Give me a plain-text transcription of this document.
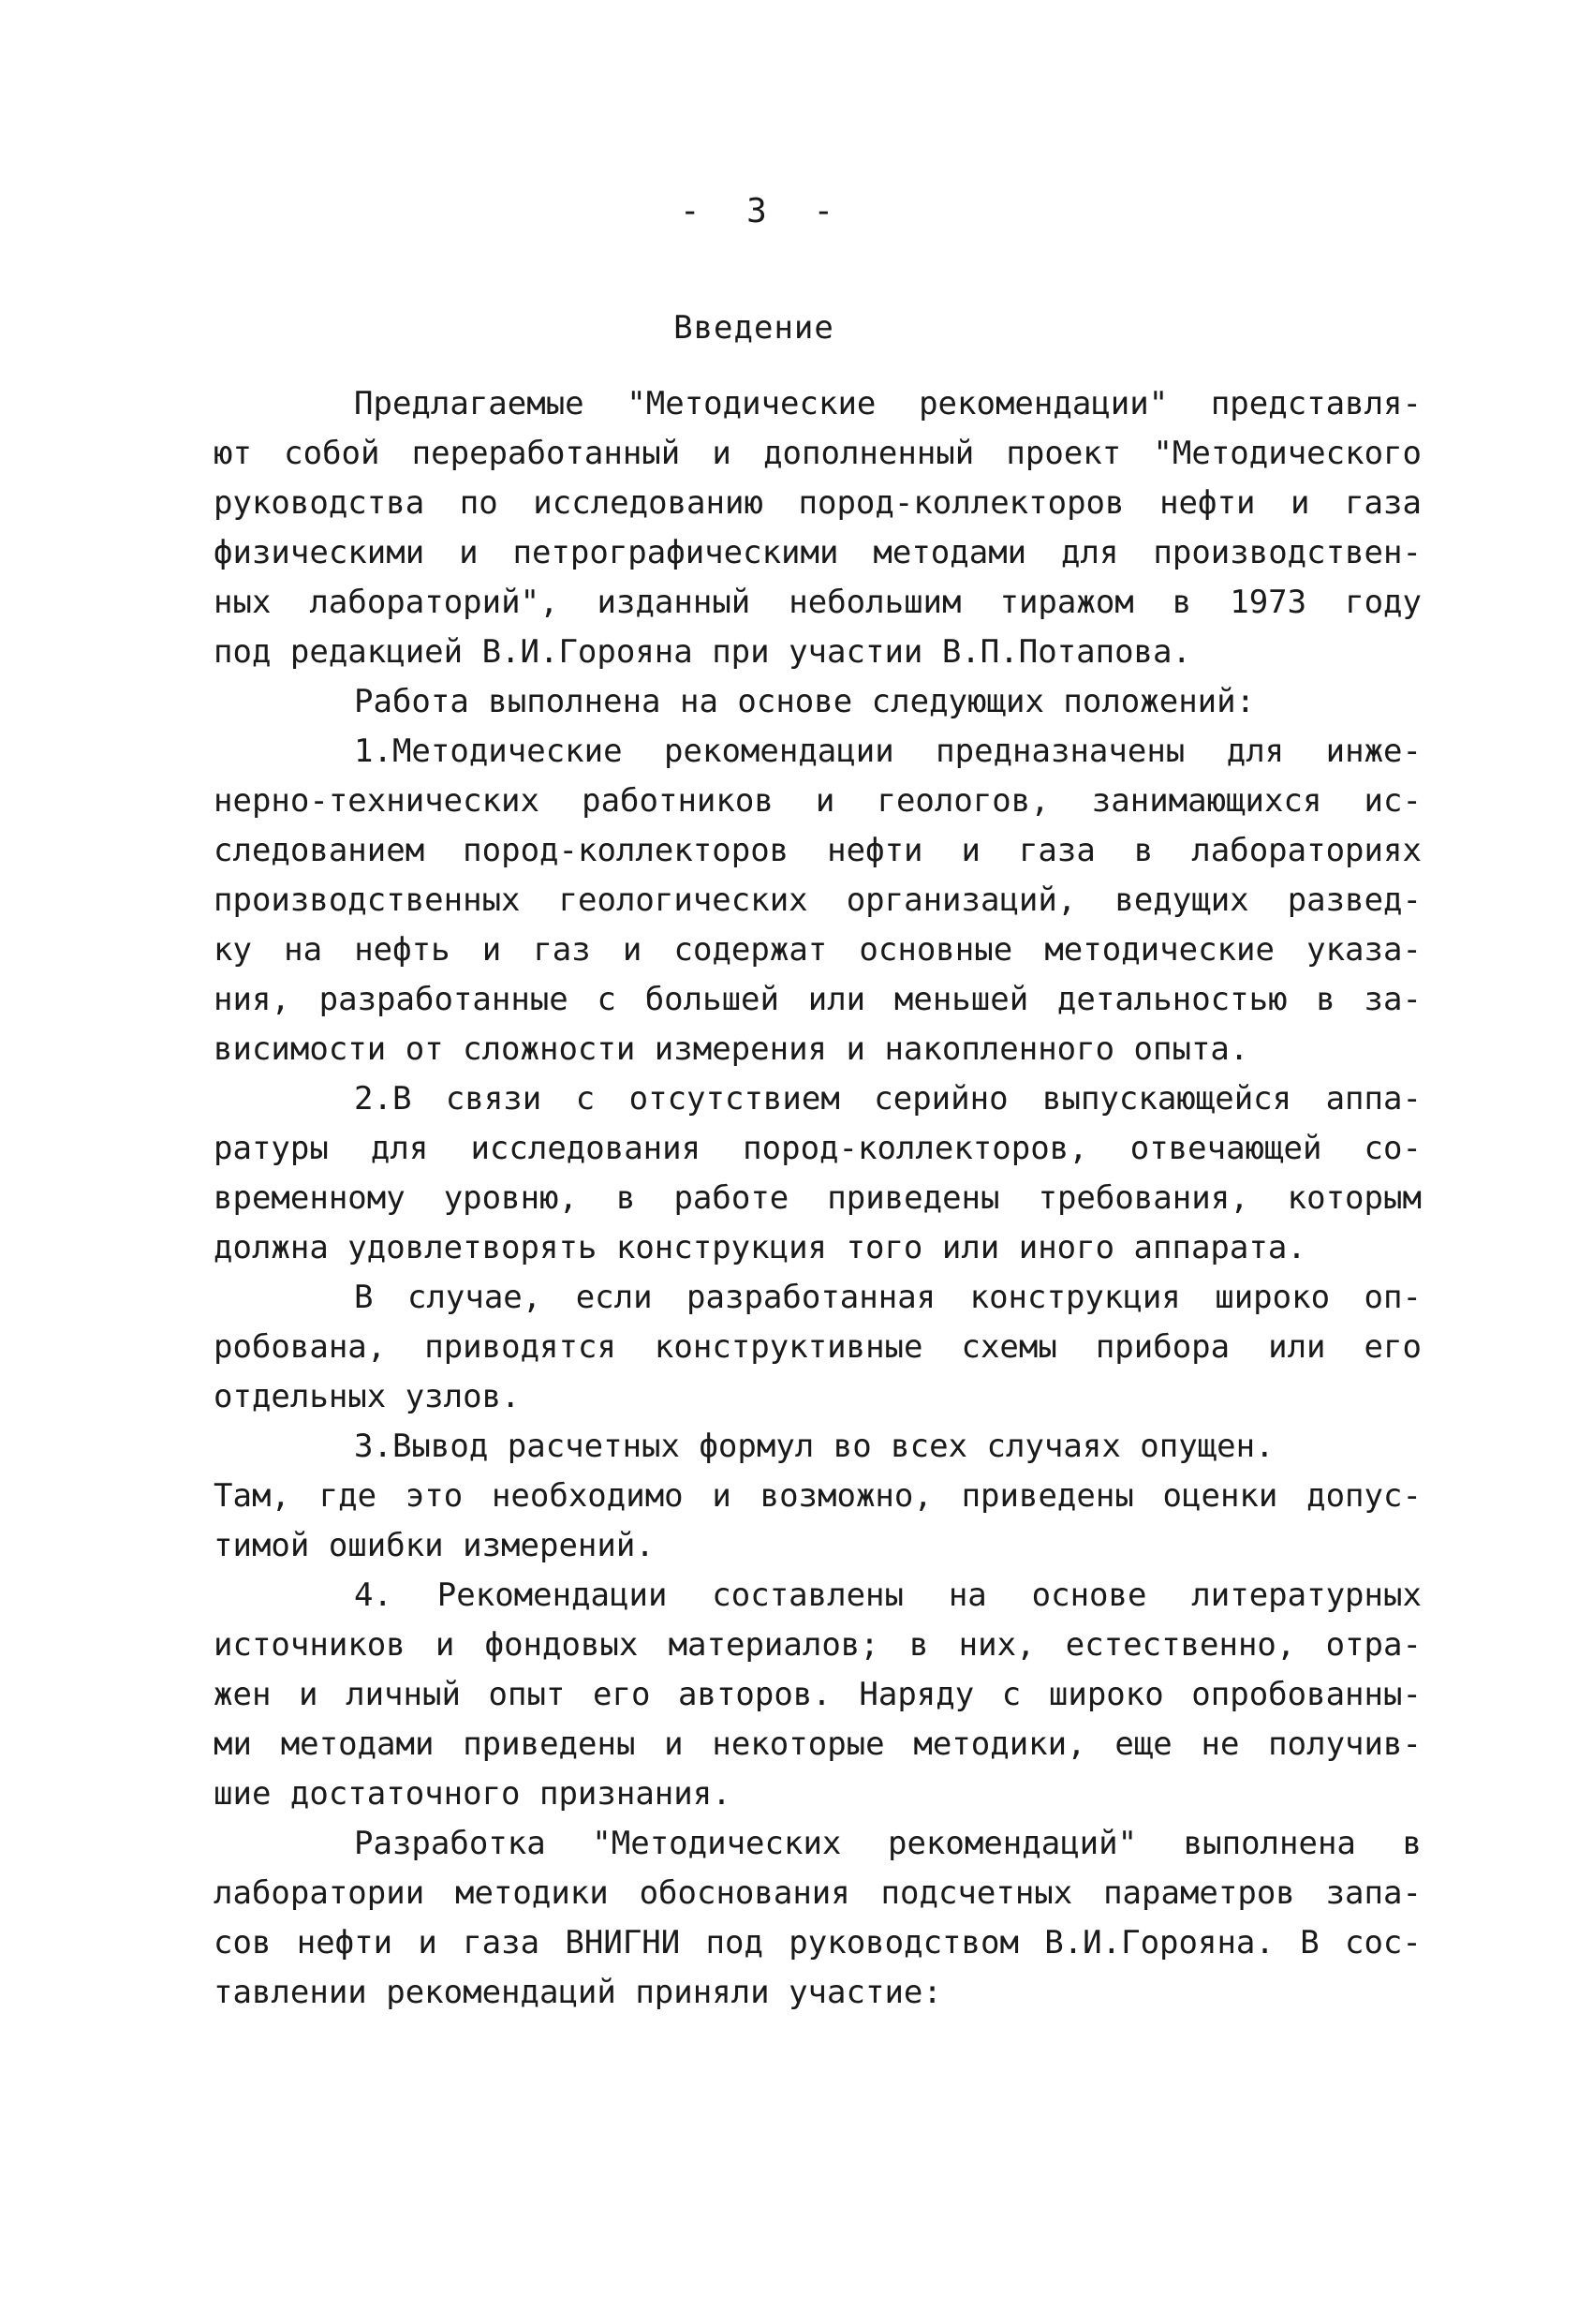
- 3 -
Введение
Предлагаемые "Методические рекомендации" представля-
ют собой переработанный и дополненный проект "Методического
руководства по исследованию пород-коллекторов нефти и газа
физическими и петрографическими методами для производствен-
ных лабораторий", изданный небольшим тиражом в 1973 году
под редакцией В.И.Горояна при участии В.П.Потапова.
Работа выполнена на основе следующих положений:
1.Методические рекомендации предназначены для инже-
нерно-технических работников и геологов, занимающихся ис-
следованием пород-коллекторов нефти и газа в лабораториях
производственных геологических организаций, ведущих развед-
ку на нефть и газ и содержат основные методические указа-
ния, разработанные с большей или меньшей детальностью в за-
висимости от сложности измерения и накопленного опыта.
2.В связи с отсутствием серийно выпускающейся аппа-
ратуры для исследования пород-коллекторов, отвечающей со-
временному уровню, в работе приведены требования, которым
должна удовлетворять конструкция того или иного аппарата.
В случае, если разработанная конструкция широко оп-
робована, приводятся конструктивные схемы прибора или его
отдельных узлов.
3.Вывод расчетных формул во всех случаях опущен.
Там, где это необходимо и возможно, приведены оценки допус-
тимой ошибки измерений.
4. Рекомендации составлены на основе литературных
источников и фондовых материалов; в них, естественно, отра-
жен и личный опыт его авторов. Наряду с широко опробованны-
ми методами приведены и некоторые методики, еще не получив-
шие достаточного признания.
Разработка "Методических рекомендаций" выполнена в
лаборатории методики обоснования подсчетных параметров запа-
сов нефти и газа ВНИГНИ под руководством В.И.Горояна. В сос-
тавлении рекомендаций приняли участие:
